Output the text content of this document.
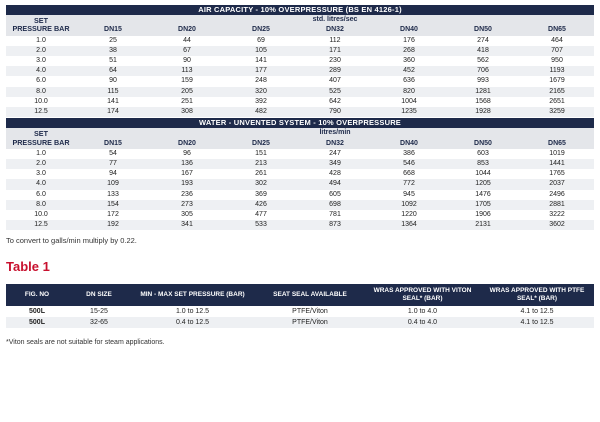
AIR CAPACITY - 10% OVERPRESSURE (BS EN 4126-1)							
SET
PRESSURE BAR	std. litres/sec						
	DN15	DN20	DN25	DN32	DN40	DN50	DN65
1.0	25	44	69	112	176	274	464
2.0	38	67	105	171	268	418	707
3.0	51	90	141	230	360	562	950
4.0	64	113	177	289	452	706	1193
6.0	90	159	248	407	636	993	1679
8.0	115	205	320	525	820	1281	2165
10.0	141	251	392	642	1004	1568	2651
12.5	174	308	482	790	1235	1928	3259
WATER - UNVENTED SYSTEM - 10% OVERPRESSURE							
SET
PRESSURE BAR	litres/min						
	DN15	DN20	DN25	DN32	DN40	DN50	DN65
1.0	54	96	151	247	386	603	1019
2.0	77	136	213	349	546	853	1441
3.0	94	167	261	428	668	1044	1765
4.0	109	193	302	494	772	1205	2037
6.0	133	236	369	605	945	1476	2496
8.0	154	273	426	698	1092	1705	2881
10.0	172	305	477	781	1220	1906	3222
12.5	192	341	533	873	1364	2131	3602
To convert to galls/min multiply by 0.22.
Table 1
FIG. NO	DN SIZE	MIN - MAX SET PRESSURE (BAR)	SEAT SEAL AVAILABLE	WRAS APPROVED WITH VITON SEAL* (BAR)	WRAS APPROVED WITH PTFE SEAL* (BAR)
500L	15-25	1.0 to 12.5	PTFE/Viton	1.0 to 4.0	4.1 to 12.5
500L	32-65	0.4 to 12.5	PTFE/Viton	0.4 to 4.0	4.1 to 12.5
*Viton seals are not suitable for steam applications.
